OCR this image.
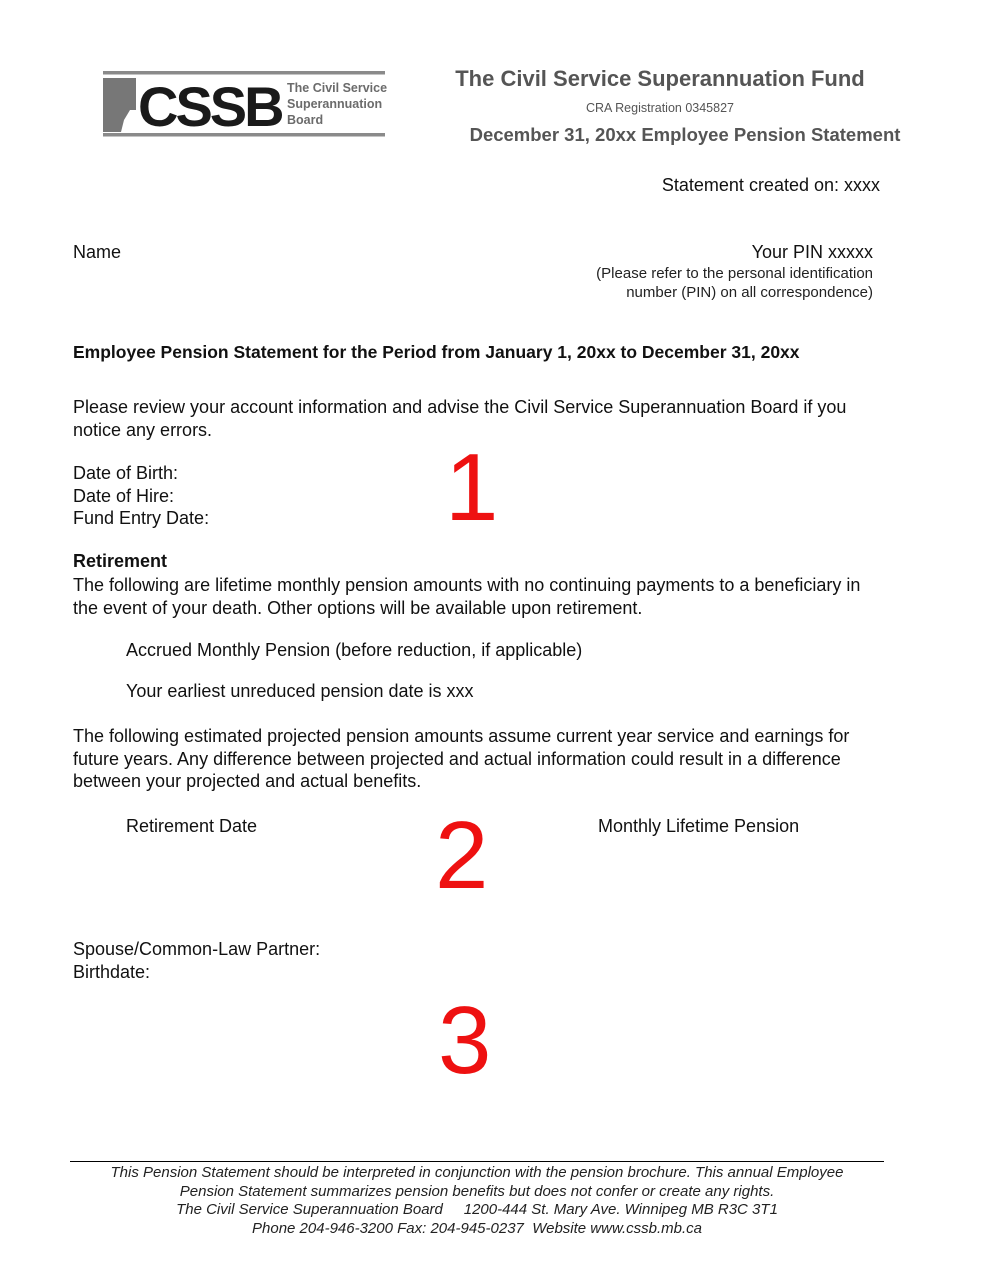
CSSB The Civil Service
Superannuation
Board
The Civil Service Superannuation Fund
CRA Registration 0345827
December 31, 20xx Employee Pension Statement
Statement created on: xxxx
Name	Your PIN xxxxx
(Please refer to the personal identification
number (PIN) on all correspondence)
Employee Pension Statement for the Period from January 1, 20xx to December 31, 20xx
Please review your account information and advise the Civil Service Superannuation Board if you notice any errors.
Date of Birth:
Date of Hire:
Fund Entry Date: 1
Retirement
The following are lifetime monthly pension amounts with no continuing payments to a beneficiary in the event of your death. Other options will be available upon retirement.
Accrued Monthly Pension (before reduction, if applicable)
Your earliest unreduced pension date is xxx
The following estimated projected pension amounts assume current year service and earnings for future years. Any difference between projected and actual information could result in a difference between your projected and actual benefits.
Retirement Date	Monthly Lifetime Pension
2
Spouse/Common-Law Partner:
Birthdate:
3
This Pension Statement should be interpreted in conjunction with the pension brochure. This annual Employee
Pension Statement summarizes pension benefits but does not confer or create any rights.
The Civil Service Superannuation Board     1200-444 St. Mary Ave. Winnipeg MB R3C 3T1
Phone 204-946-3200 Fax: 204-945-0237  Website www.cssb.mb.ca
